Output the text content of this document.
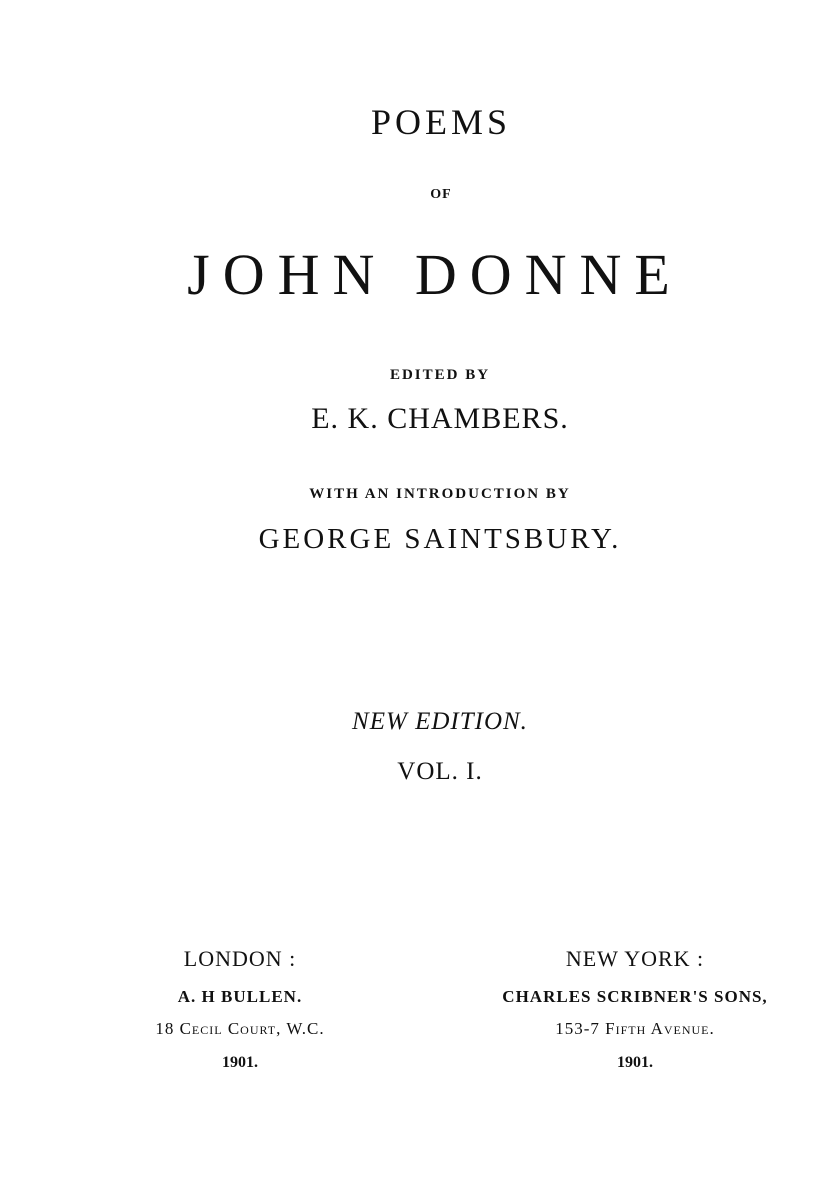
POEMS
OF
JOHN DONNE
EDITED BY
E. K. CHAMBERS.
WITH AN INTRODUCTION BY
GEORGE SAINTSBURY.
NEW EDITION.
VOL. I.
LONDON :
A. H BULLEN.
18 Cecil Court, W.C.
1901.
NEW YORK :
CHARLES SCRIBNER'S SONS,
153-7 Fifth Avenue.
1901.
